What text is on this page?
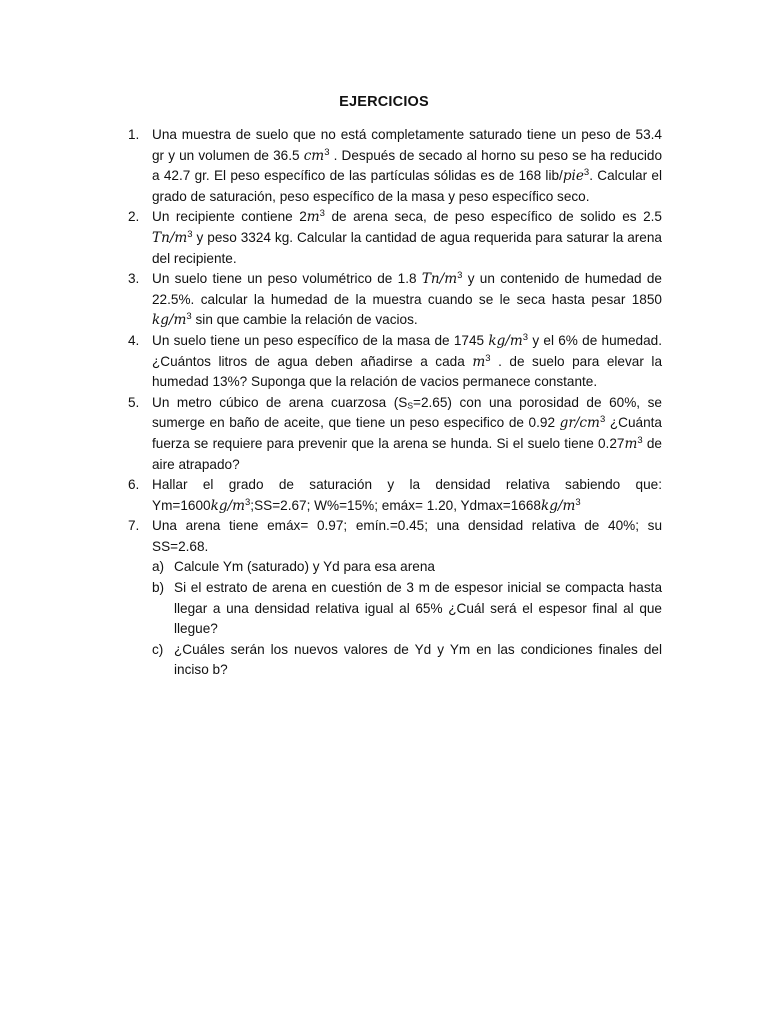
EJERCICIOS
1. Una muestra de suelo que no está completamente saturado tiene un peso de 53.4 gr y un volumen de 36.5 $cm^3$ . Después de secado al horno su peso se ha reducido a 42.7 gr. El peso específico de las partículas sólidas es de 168 lib/pie$^3$. Calcular el grado de saturación, peso específico de la masa y peso específico seco.
2. Un recipiente contiene $2m^3$ de arena seca, de peso específico de solido es 2.5 $Tn/m^3$ y peso 3324 kg. Calcular la cantidad de agua requerida para saturar la arena del recipiente.
3. Un suelo tiene un peso volumétrico de 1.8 $Tn/m^3$ y un contenido de humedad de 22.5%. calcular la humedad de la muestra cuando se le seca hasta pesar 1850 $kg/m^3$ sin que cambie la relación de vacios.
4. Un suelo tiene un peso específico de la masa de 1745 $kg/m^3$ y el 6% de humedad. ¿Cuántos litros de agua deben añadirse a cada $m^3$ . de suelo para elevar la humedad 13%? Suponga que la relación de vacios permanece constante.
5. Un metro cúbico de arena cuarzosa $(S_S=2.65)$ con una porosidad de 60%, se sumerge en baño de aceite, que tiene un peso especifico de 0.92 $gr/cm^3$ ¿Cuánta fuerza se requiere para prevenir que la arena se hunda. Si el suelo tiene $0.27m^3$ de aire atrapado?
6. Hallar el grado de saturación y la densidad relativa sabiendo que: $Ym=1600kg/m^3;SS=2.67$; W%=15%; emáx= 1.20, $Ydmax=1668kg/m^3$
7. Una arena tiene emáx= 0.97; emín.=0.45; una densidad relativa de 40%; su SS=2.68.
a) Calcule Ym (saturado) y Yd para esa arena
b) Si el estrato de arena en cuestión de 3 m de espesor inicial se compacta hasta llegar a una densidad relativa igual al 65% ¿Cuál será el espesor final al que llegue?
c) ¿Cuáles serán los nuevos valores de Yd y Ym en las condiciones finales del inciso b?
